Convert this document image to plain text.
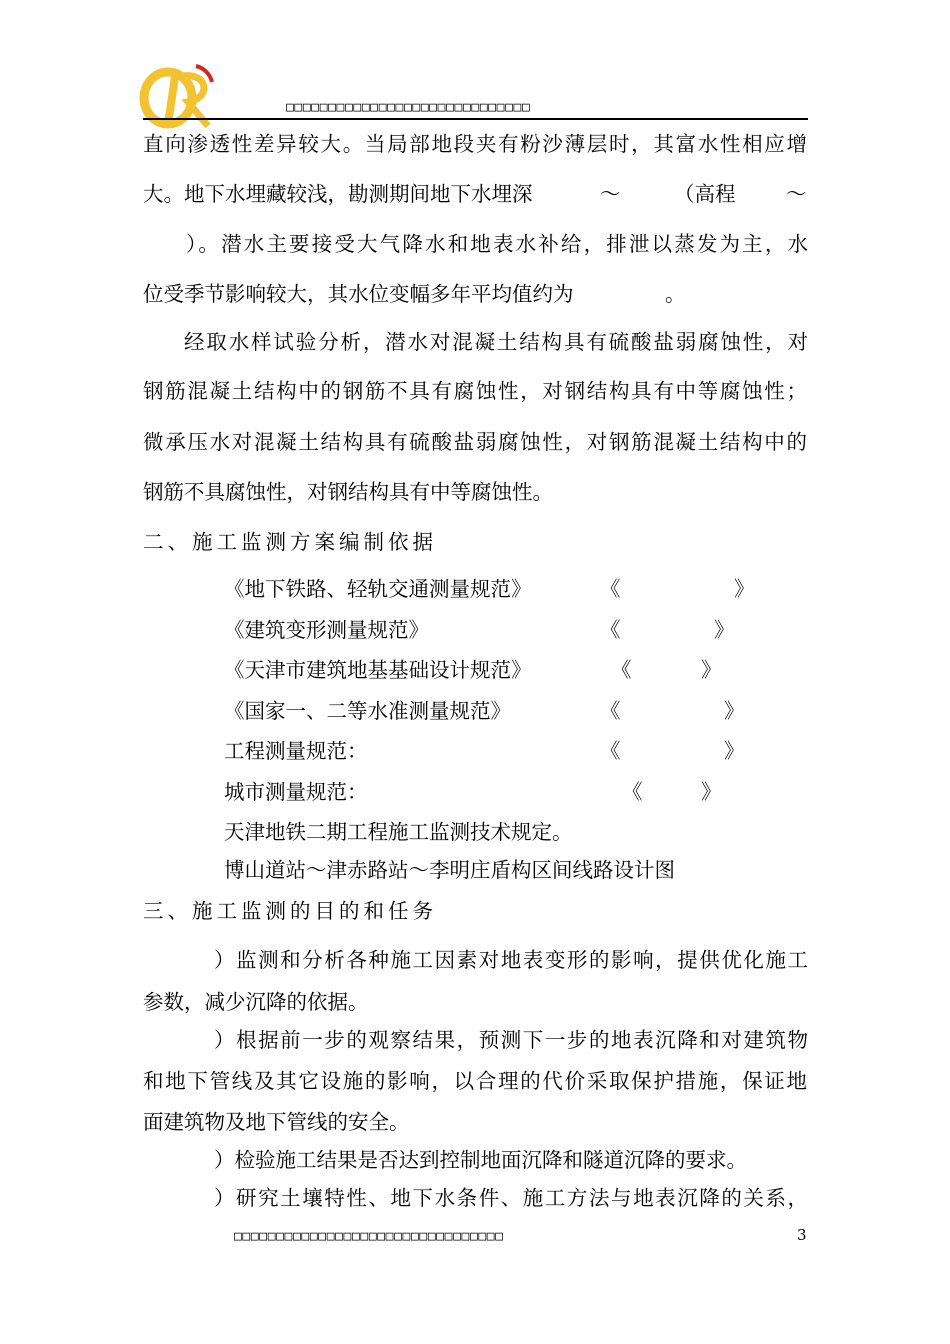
□□□□□□□□□□□□□□□□□□□□□□□□□□□□□
直向渗透性差异较大。当局部地段夹有粉沙薄层时，其富水性相应增
大。地下水埋藏较浅，勘测期间地下水埋深	～	（高程 ～
）。潜水主要接受大气降水和地表水补给，排泄以蒸发为主，水
位受季节影响较大，其水位变幅多年平均值约为	。
经取水样试验分析，潜水对混凝土结构具有硫酸盐弱腐蚀性，对
钢筋混凝土结构中的钢筋不具有腐蚀性，对钢结构具有中等腐蚀性；
微承压水对混凝土结构具有硫酸盐弱腐蚀性，对钢筋混凝土结构中的
钢筋不具腐蚀性，对钢结构具有中等腐蚀性。
二、施工监测方案编制依据
《地下铁路、轻轨交通测量规范》	《	》
《建筑变形测量规范》	《	》
《天津市建筑地基基础设计规范》	《	》
《国家一、二等水准测量规范》	《	》
工程测量规范：	《	》
城市测量规范：	《	》
天津地铁二期工程施工监测技术规定。
博山道站～津赤路站～李明庄盾构区间线路设计图
三、施工监测的目的和任务
）监测和分析各种施工因素对地表变形的影响，提供优化施工
参数，减少沉降的依据。
）根据前一步的观察结果，预测下一步的地表沉降和对建筑物
和地下管线及其它设施的影响，以合理的代价采取保护措施，保证地
面建筑物及地下管线的安全。
）检验施工结果是否达到控制地面沉降和隧道沉降的要求。
）研究土壤特性、地下水条件、施工方法与地表沉降的关系，
□□□□□□□□□□□□□□□□□□□□□□□□□□□□□□□□	3
